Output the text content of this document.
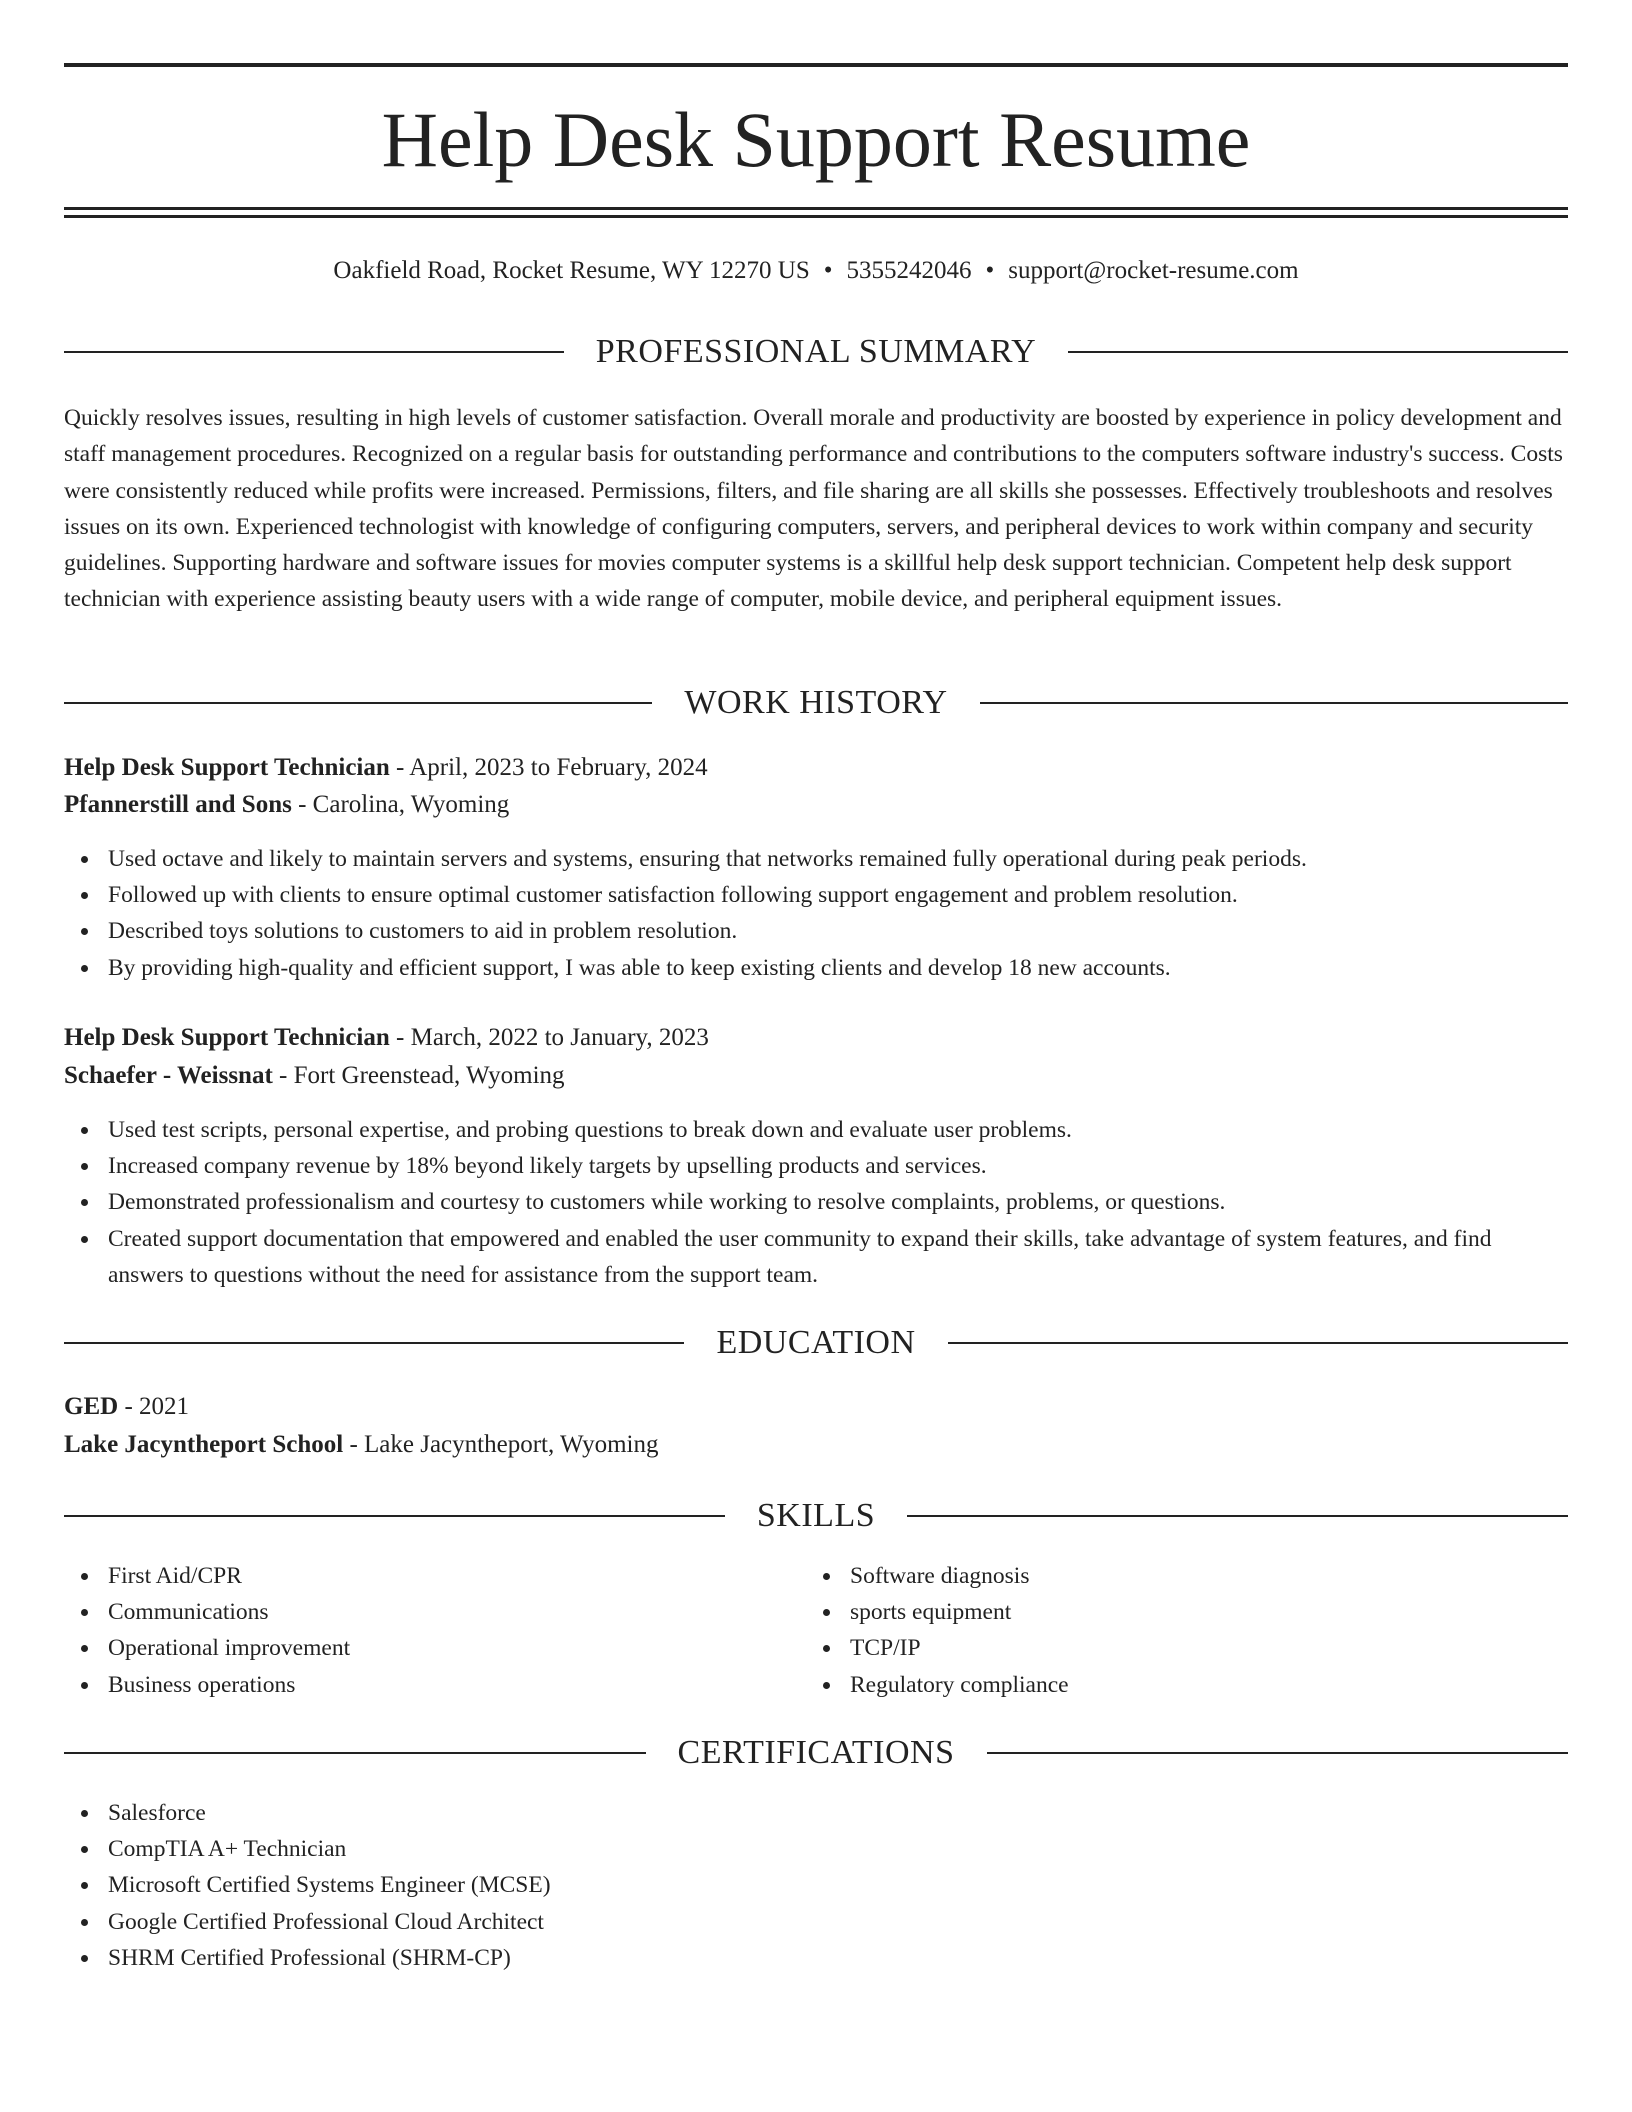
Help Desk Support Resume
Oakfield Road, Rocket Resume, WY 12270 US • 5355242046 • support@rocket-resume.com
PROFESSIONAL SUMMARY

Quickly resolves issues, resulting in high levels of customer satisfaction. Overall morale and productivity are boosted by experience in policy development and staff management procedures. Recognized on a regular basis for outstanding performance and contributions to the computers software industry's success. Costs were consistently reduced while profits were increased. Permissions, filters, and file sharing are all skills she possesses. Effectively troubleshoots and resolves issues on its own. Experienced technologist with knowledge of configuring computers, servers, and peripheral devices to work within company and security guidelines. Supporting hardware and software issues for movies computer systems is a skillful help desk support technician. Competent help desk support technician with experience assisting beauty users with a wide range of computer, mobile device, and peripheral equipment issues.

WORK HISTORY
Help Desk Support Technician - April, 2023 to February, 2024
Pfannerstill and Sons - Carolina, Wyoming
Used octave and likely to maintain servers and systems, ensuring that networks remained fully operational during peak periods.
Followed up with clients to ensure optimal customer satisfaction following support engagement and problem resolution.
Described toys solutions to customers to aid in problem resolution.
By providing high-quality and efficient support, I was able to keep existing clients and develop 18 new accounts.
Help Desk Support Technician - March, 2022 to January, 2023
Schaefer - Weissnat - Fort Greenstead, Wyoming
Used test scripts, personal expertise, and probing questions to break down and evaluate user problems.
Increased company revenue by 18% beyond likely targets by upselling products and services.
Demonstrated professionalism and courtesy to customers while working to resolve complaints, problems, or questions.
Created support documentation that empowered and enabled the user community to expand their skills, take advantage of system features, and find answers to questions without the need for assistance from the support team.
EDUCATION
GED - 2021
Lake Jacyntheport School - Lake Jacyntheport, Wyoming
SKILLS
First Aid/CPR
Communications
Operational improvement
Business operations
Software diagnosis
sports equipment
TCP/IP
Regulatory compliance
CERTIFICATIONS
Salesforce
CompTIA A+ Technician
Microsoft Certified Systems Engineer (MCSE)
Google Certified Professional Cloud Architect
SHRM Certified Professional (SHRM-CP)
